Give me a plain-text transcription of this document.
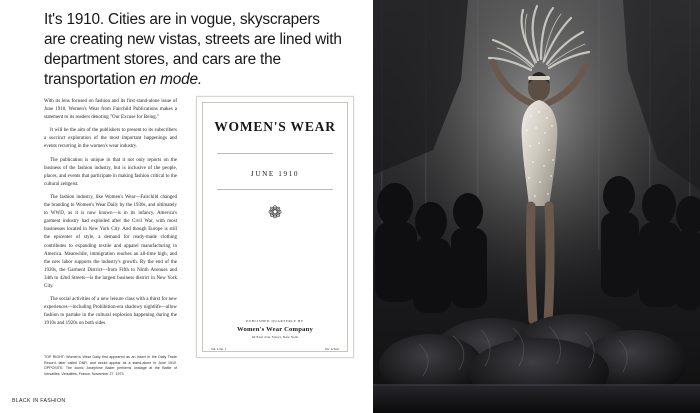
It's 1910. Cities are in vogue, skyscrapers are creating new vistas, streets are lined with department stores, and cars are the transportation en mode.

With its lens focused on fashion and its first stand-alone issue of June 1910, Women's Wear from Fairchild Publications makes a statement to its readers denoting "Our Excuse for Being."

It will be the aim of the publishers to present to its subscribers a succinct exploration of the most important happenings and events recurring in the women's wear industry.

The publication is unique in that it not only reports on the business of the fashion industry, but is inclusive of the people, places, and events that participate in making fashion critical to the cultural zeitgeist.

The fashion industry, like Women's Wear—Fairchild changed the branding to Women's Wear Daily by the 1930s, and ultimately to WWD, as it is now known—is in its infancy. America's garment industry had exploded after the Civil War, with most businesses located in New York City. And though Europe is still the epicenter of style, a demand for ready-made clothing contributes to expanding textile and apparel manufacturing in America. Meanwhile, immigration reaches an all-time high, and the new labor supports the industry's growth. By the end of the 1920s, the Garment District—from Fifth to Ninth Avenues and 34th to 42nd Streets—is the largest business district in New York City.

The social activities of a new leisure class with a thirst for new experiences—including Prohibition-era shadowy nightlife—allow fashion to partake in the cultural explosion happening during the 1910s and 1920s on both sides

TOP RIGHT: Women's Wear Daily first appeared as an insert in the Daily Trade Record, later called DNR, and would appear as a stand-alone in June 1910. OPPOSITE: The iconic Josephine Baker performs onstage at the Battle of Versailles, Versailles, France, November 27, 1973.
BLACK IN FASHION
WOMEN'S WEAR
JUNE 1910
❁
PUBLISHED QUARTERLY BY
Women's Wear Company
40 East 21st Street, New York
Vol. I, No. 1	10c. A Year
